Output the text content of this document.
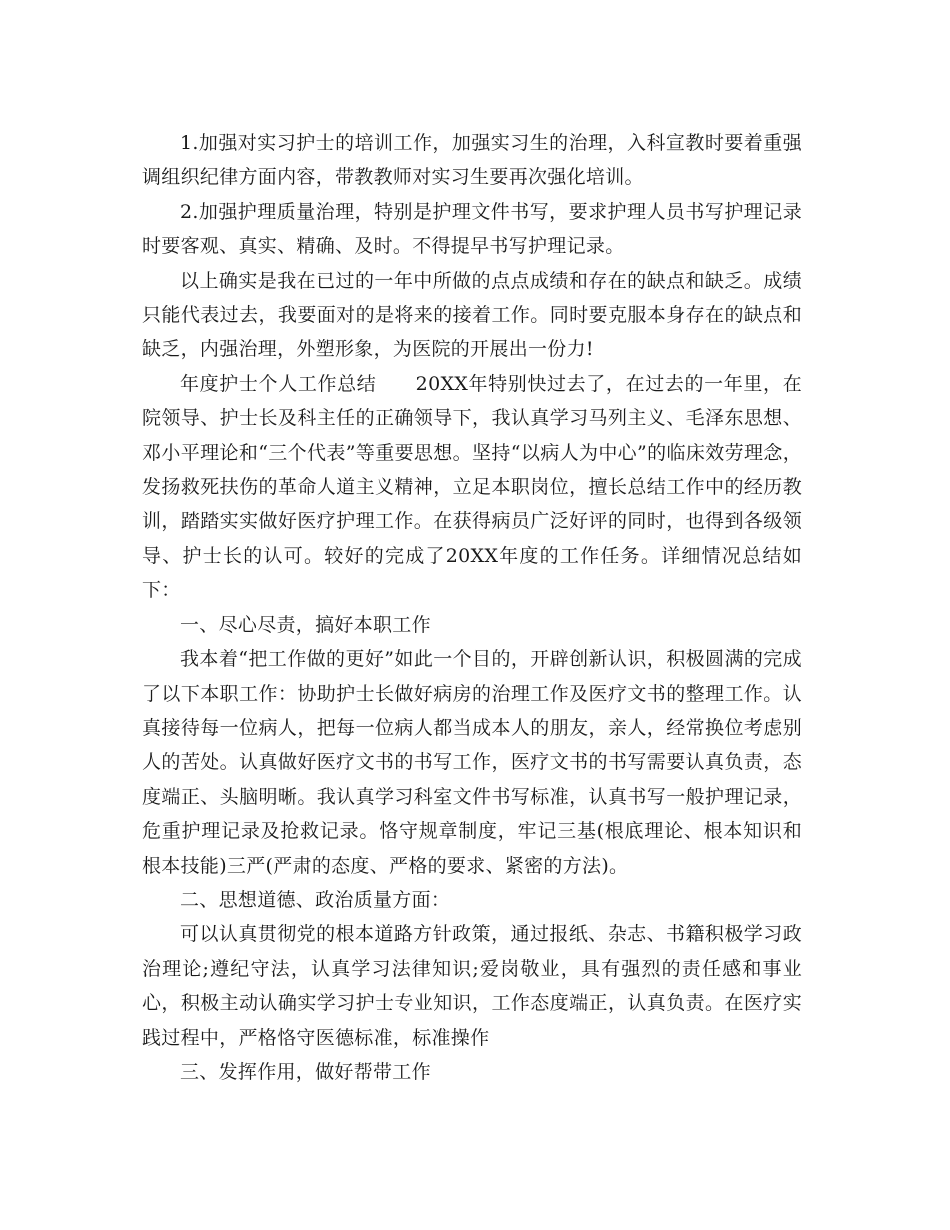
1.加强对实习护士的培训工作，加强实习生的治理，入科宣教时要着重强调组织纪律方面内容，带教教师对实习生要再次强化培训。

2.加强护理质量治理，特别是护理文件书写，要求护理人员书写护理记录时要客观、真实、精确、及时。不得提早书写护理记录。

以上确实是我在已过的一年中所做的点点成绩和存在的缺点和缺乏。成绩只能代表过去，我要面对的是将来的接着工作。同时要克服本身存在的缺点和缺乏，内强治理，外塑形象，为医院的开展出一份力!

年度护士个人工作总结　　20XX年特别快过去了，在过去的一年里，在院领导、护士长及科主任的正确领导下，我认真学习马列主义、毛泽东思想、邓小平理论和“三个代表”等重要思想。坚持“以病人为中心”的临床效劳理念，发扬救死扶伤的革命人道主义精神，立足本职岗位，擅长总结工作中的经历教训，踏踏实实做好医疗护理工作。在获得病员广泛好评的同时，也得到各级领导、护士长的认可。较好的完成了20XX年度的工作任务。详细情况总结如下：

一、尽心尽责，搞好本职工作

我本着“把工作做的更好”如此一个目的，开辟创新认识，积极圆满的完成了以下本职工作：协助护士长做好病房的治理工作及医疗文书的整理工作。认真接待每一位病人，把每一位病人都当成本人的朋友，亲人，经常换位考虑别人的苦处。认真做好医疗文书的书写工作，医疗文书的书写需要认真负责，态度端正、头脑明晰。我认真学习科室文件书写标准，认真书写一般护理记录，危重护理记录及抢救记录。恪守规章制度，牢记三基(根底理论、根本知识和根本技能)三严(严肃的态度、严格的要求、紧密的方法)。

二、思想道德、政治质量方面：

可以认真贯彻党的根本道路方针政策，通过报纸、杂志、书籍积极学习政治理论;遵纪守法，认真学习法律知识;爱岗敬业，具有强烈的责任感和事业心，积极主动认确实学习护士专业知识，工作态度端正，认真负责。在医疗实践过程中，严格恪守医德标准，标准操作

三、发挥作用，做好帮带工作
